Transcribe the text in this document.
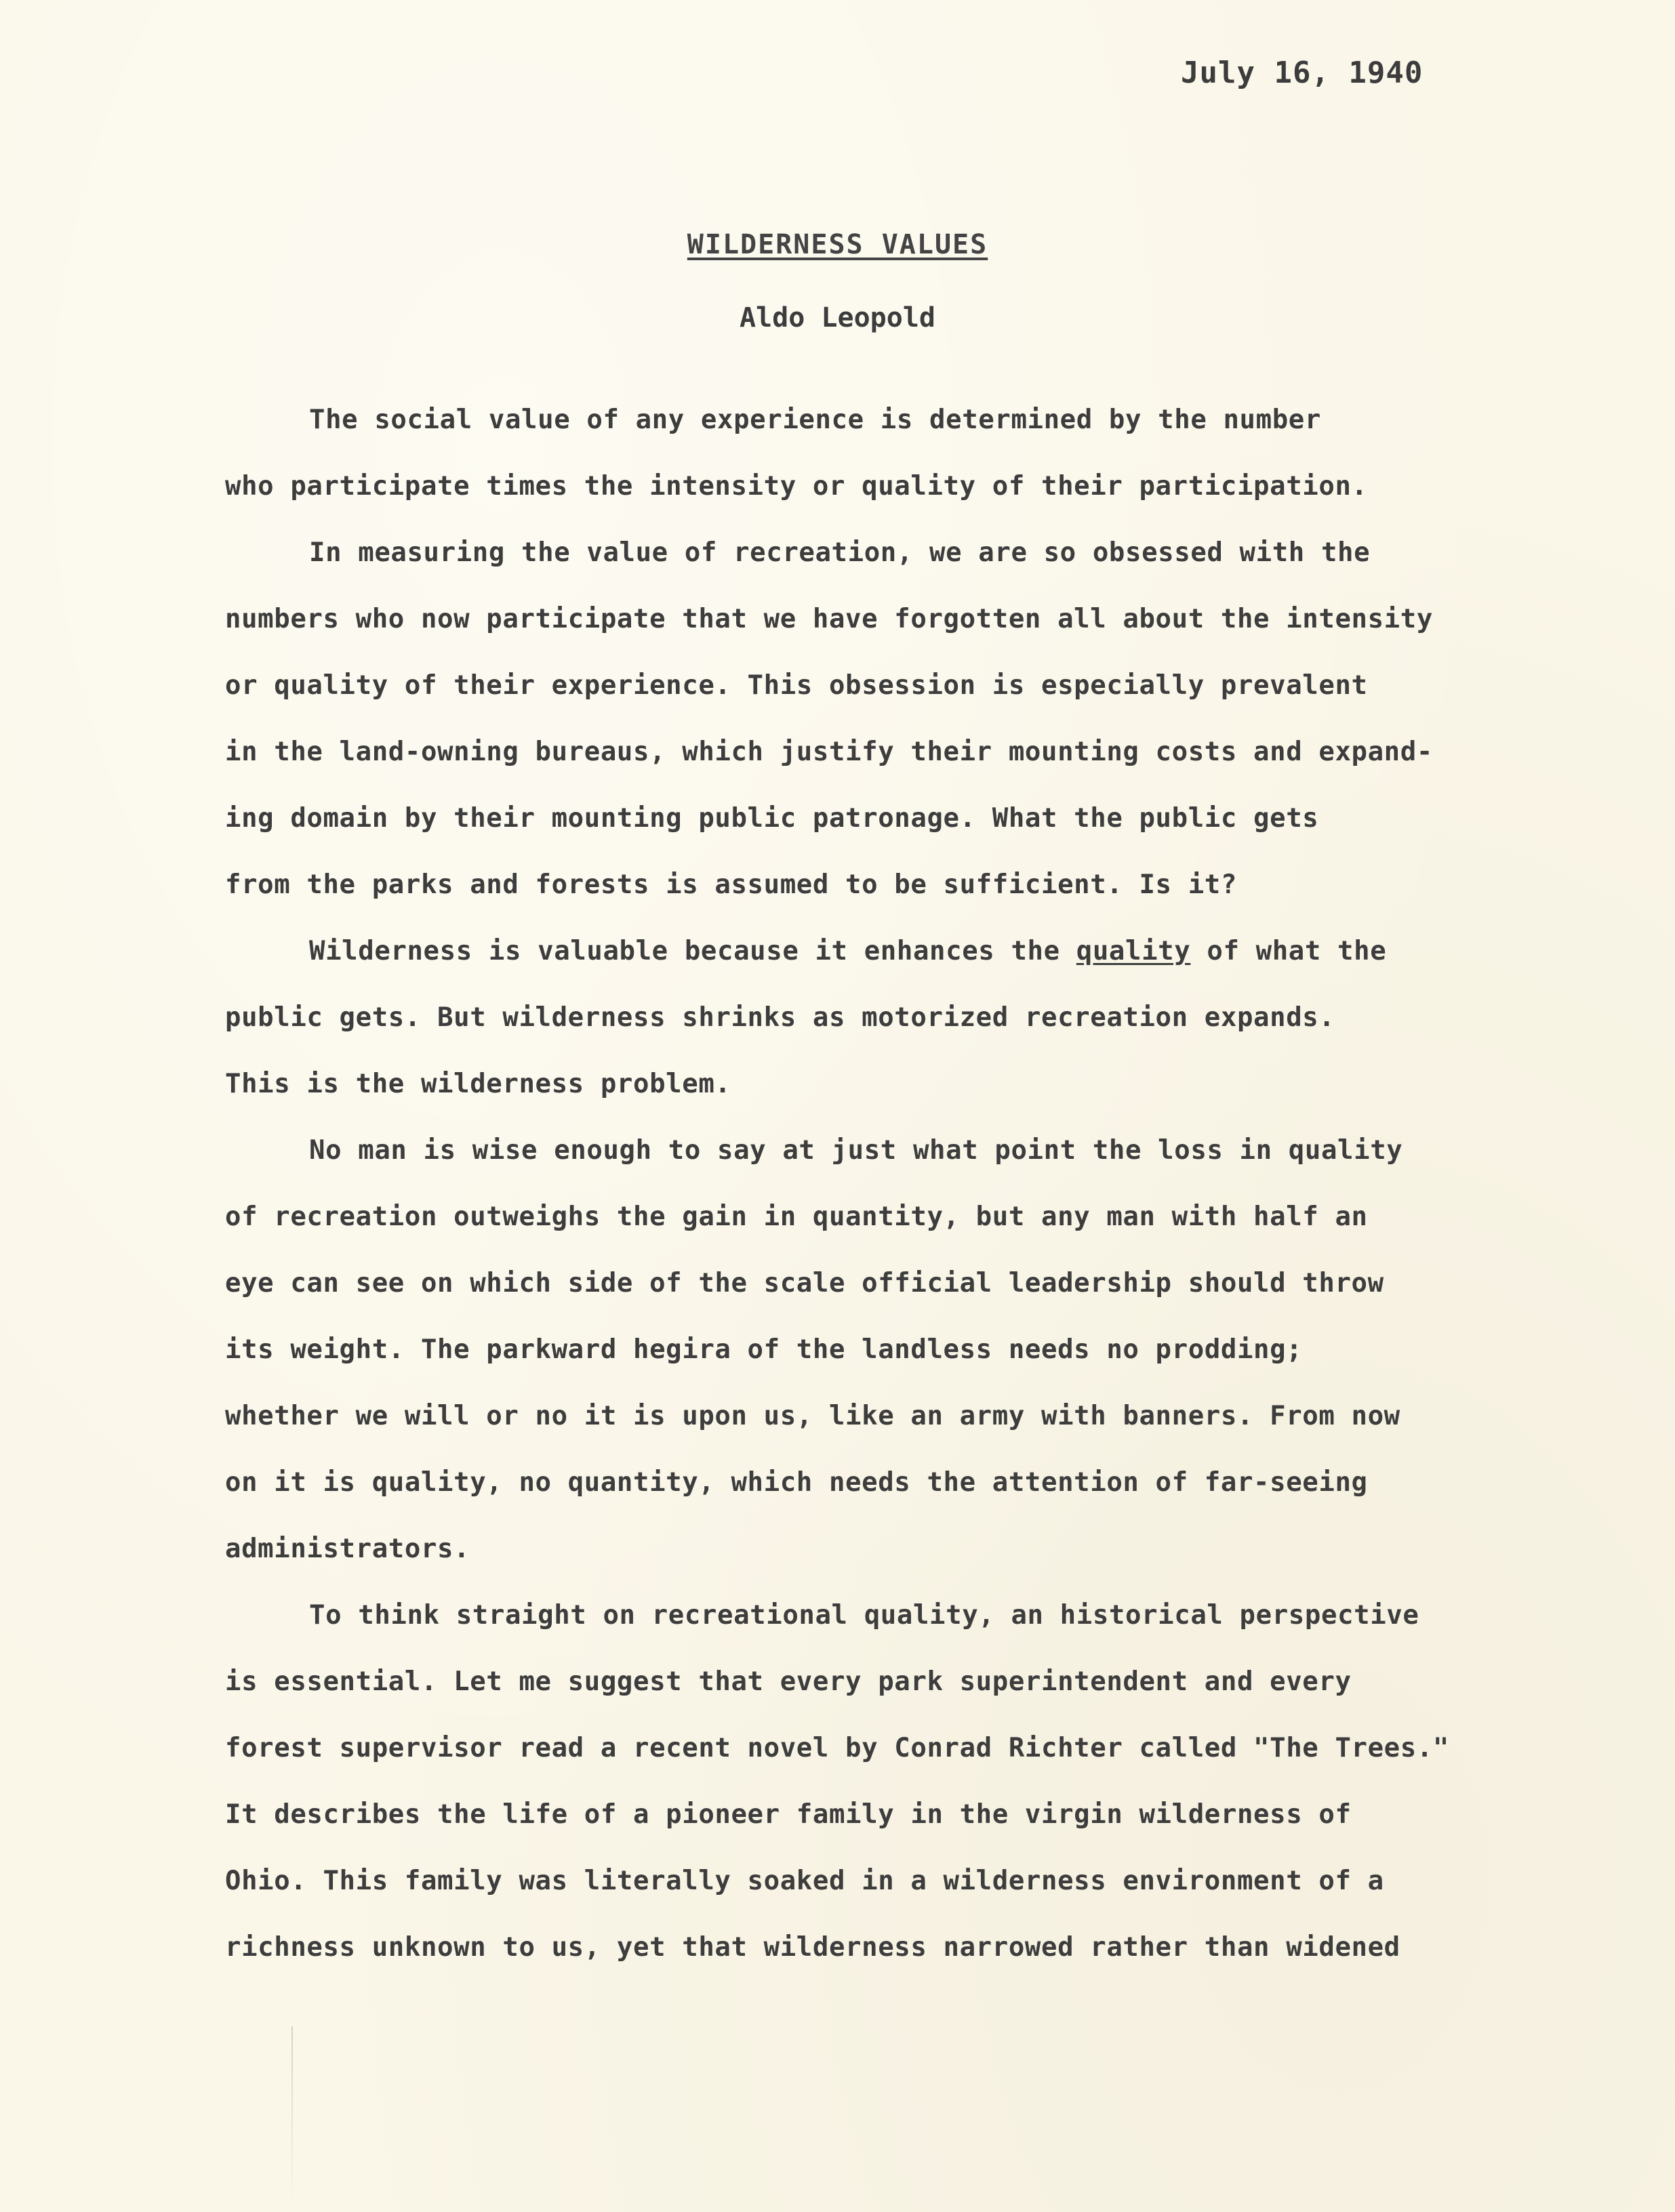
July 16, 1940
WILDERNESS VALUES
Aldo Leopold
The social value of any experience is determined by the number
who participate times the intensity or quality of their participation.
In measuring the value of recreation, we are so obsessed with the
numbers who now participate that we have forgotten all about the intensity
or quality of their experience. This obsession is especially prevalent
in the land-owning bureaus, which justify their mounting costs and expand-
ing domain by their mounting public patronage. What the public gets
from the parks and forests is assumed to be sufficient. Is it?
Wilderness is valuable because it enhances the quality of what the
public gets. But wilderness shrinks as motorized recreation expands.
This is the wilderness problem.
No man is wise enough to say at just what point the loss in quality
of recreation outweighs the gain in quantity, but any man with half an
eye can see on which side of the scale official leadership should throw
its weight. The parkward hegira of the landless needs no prodding;
whether we will or no it is upon us, like an army with banners. From now
on it is quality, no quantity, which needs the attention of far-seeing
administrators.
To think straight on recreational quality, an historical perspective
is essential. Let me suggest that every park superintendent and every
forest supervisor read a recent novel by Conrad Richter called "The Trees."
It describes the life of a pioneer family in the virgin wilderness of
Ohio. This family was literally soaked in a wilderness environment of a
richness unknown to us, yet that wilderness narrowed rather than widened
